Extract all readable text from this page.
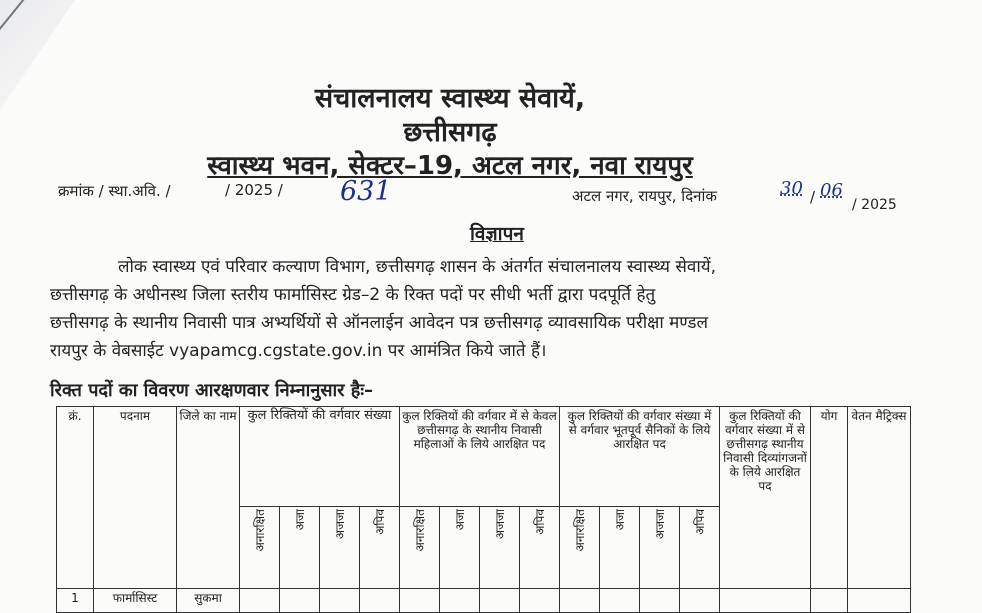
संचालनालय स्वास्थ्य सेवायें,
छत्तीसगढ़
स्वास्थ्य भवन, सेक्टर–19, अटल नगर, नवा रायपुर
क्रमांक / स्था.अवि. /	/ 2025 / 631	अटल नगर, रायपुर, दिनांक	30 / 06
/ 2025
विज्ञापन
लोक स्वास्थ्य एवं परिवार कल्याण विभाग, छत्तीसगढ़ शासन के अंतर्गत संचालनालय स्वास्थ्य सेवायें,
छत्तीसगढ़ के अधीनस्थ जिला स्तरीय फार्मासिस्ट ग्रेड–2 के रिक्त पदों पर सीधी भर्ती द्वारा पदपूर्ति हेतु
छत्तीसगढ़ के स्थानीय निवासी पात्र अभ्यर्थियों से ऑनलाईन आवेदन पत्र छत्तीसगढ़ व्यावसायिक परीक्षा मण्डल
रायपुर के वेबसाईट vyapamcg.cgstate.gov.in पर आमंत्रित किये जाते हैं।
रिक्त पदों का विवरण आरक्षणवार निम्नानुसार हैः–
क्रं.	पदनाम	जिले का नाम	कुल रिक्तियों की वर्गवार संख्या				कुल रिक्तियों की वर्गवार में से केवल छत्तीसगढ़ के स्थानीय निवासी महिलाओं के लिये आरक्षित पद				कुल रिक्तियों की वर्गवार संख्या में से वर्गवार भूतपूर्व सैनिकों के लिये आरक्षित पद				कुल रिक्तियों की वर्गवार संख्या में से छत्तीसगढ़ स्थानीय निवासी दिव्यांगजनों के लिये आरक्षित पद	योग	वेतन मैट्रिक्स

			अनारक्षित	अजा	अजजा	अपिव	अनारक्षित	अजा	अजजा	अपिव	अनारक्षित	अजा	अजजा	अपिव			

1	फार्मासिस्ट	सुकमा															
